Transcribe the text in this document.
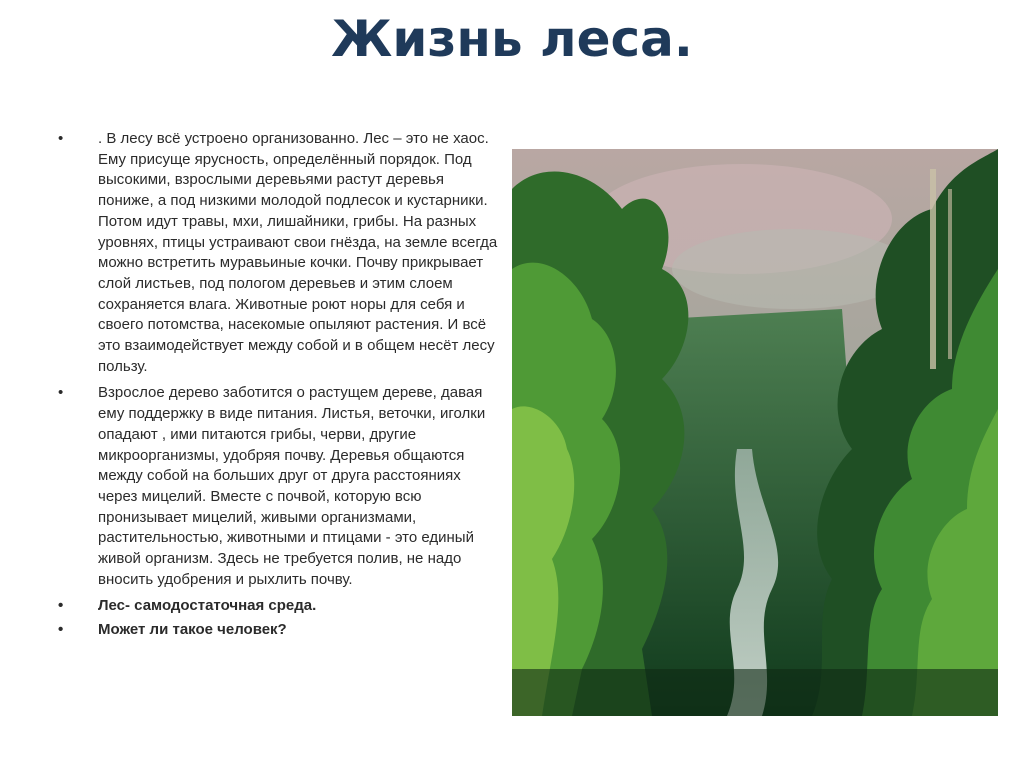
Жизнь леса.
•	. В лесу всё устроено организованно. Лес – это не хаос. Ему присуще ярусность, определённый порядок. Под высокими, взрослыми деревьями растут деревья пониже, а под низкими молодой подлесок и кустарники. Потом идут травы, мхи, лишайники, грибы. На разных уровнях, птицы устраивают свои гнёзда, на земле всегда можно встретить муравьиные кочки. Почву прикрывает слой листьев, под пологом деревьев и этим слоем сохраняется влага. Животные роют норы для себя и своего потомства, насекомые опыляют растения. И всё это взаимодействует между собой и в общем несёт лесу пользу.
•	Взрослое дерево заботится о растущем дереве, давая ему поддержку в виде питания. Листья, веточки, иголки опадают , ими питаются грибы, черви, другие микроорганизмы, удобряя почву. Деревья общаются между собой на больших друг от друга расстояниях через мицелий. Вместе с почвой, которую всю пронизывает мицелий, живыми организмами, растительностью, животными и птицами - это единый живой организм. Здесь не требуется полив, не надо вносить удобрения и рыхлить почву.
•	Лес- самодостаточная среда.
•	Может ли такое человек?
